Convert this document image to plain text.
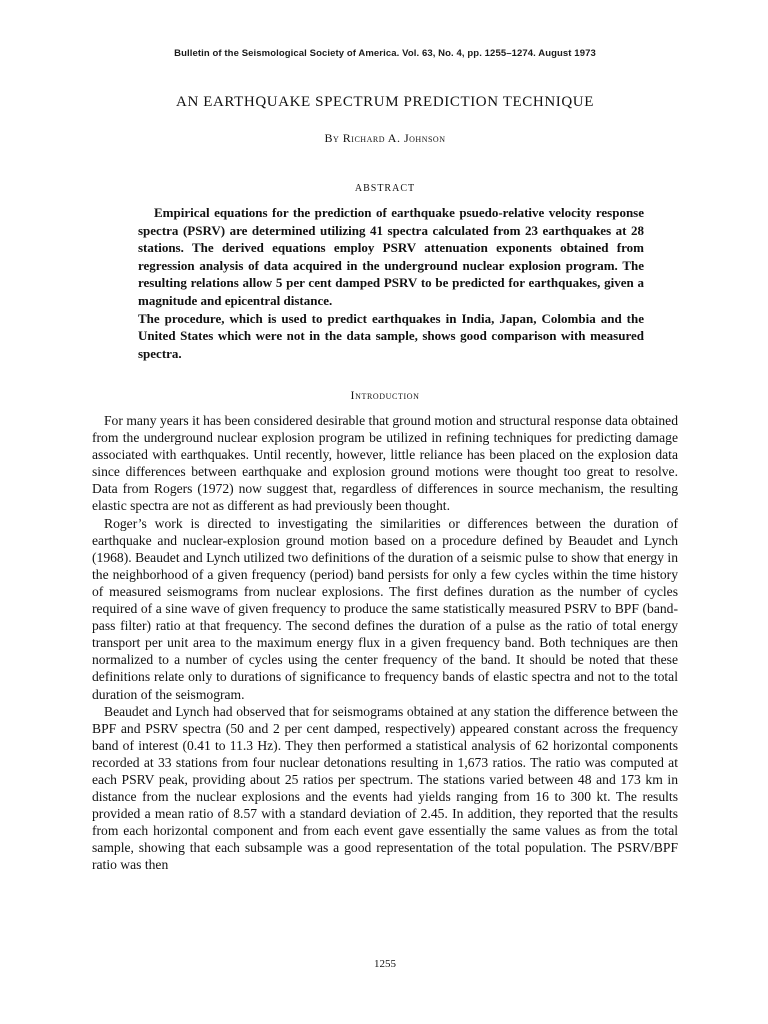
Bulletin of the Seismological Society of America. Vol. 63, No. 4, pp. 1255–1274. August 1973
AN EARTHQUAKE SPECTRUM PREDICTION TECHNIQUE
By Richard A. Johnson
ABSTRACT

Empirical equations for the prediction of earthquake psuedo-relative velocity response spectra (PSRV) are determined utilizing 41 spectra calculated from 23 earthquakes at 28 stations. The derived equations employ PSRV attenuation exponents obtained from regression analysis of data acquired in the underground nuclear explosion program. The resulting relations allow 5 per cent damped PSRV to be predicted for earthquakes, given a magnitude and epicentral distance.

The procedure, which is used to predict earthquakes in India, Japan, Colombia and the United States which were not in the data sample, shows good comparison with measured spectra.

Introduction

For many years it has been considered desirable that ground motion and structural response data obtained from the underground nuclear explosion program be utilized in refining techniques for predicting damage associated with earthquakes. Until recently, however, little reliance has been placed on the explosion data since differences between earthquake and explosion ground motions were thought too great to resolve. Data from Rogers (1972) now suggest that, regardless of differences in source mechanism, the resulting elastic spectra are not as different as had previously been thought.

Roger’s work is directed to investigating the similarities or differences between the duration of earthquake and nuclear-explosion ground motion based on a procedure defined by Beaudet and Lynch (1968). Beaudet and Lynch utilized two definitions of the duration of a seismic pulse to show that energy in the neighborhood of a given frequency (period) band persists for only a few cycles within the time history of measured seismograms from nuclear explosions. The first defines duration as the number of cycles required of a sine wave of given frequency to produce the same statistically measured PSRV to BPF (band-pass filter) ratio at that frequency. The second defines the duration of a pulse as the ratio of total energy transport per unit area to the maximum energy flux in a given frequency band. Both techniques are then normalized to a number of cycles using the center frequency of the band. It should be noted that these definitions relate only to durations of significance to frequency bands of elastic spectra and not to the total duration of the seismogram.

Beaudet and Lynch had observed that for seismograms obtained at any station the difference between the BPF and PSRV spectra (50 and 2 per cent damped, respectively) appeared constant across the frequency band of interest (0.41 to 11.3 Hz). They then performed a statistical analysis of 62 horizontal components recorded at 33 stations from four nuclear detonations resulting in 1,673 ratios. The ratio was computed at each PSRV peak, providing about 25 ratios per spectrum. The stations varied between 48 and 173 km in distance from the nuclear explosions and the events had yields ranging from 16 to 300 kt. The results provided a mean ratio of 8.57 with a standard deviation of 2.45. In addition, they reported that the results from each horizontal component and from each event gave essentially the same values as from the total sample, showing that each subsample was a good representation of the total population. The PSRV/BPF ratio was then

1255
